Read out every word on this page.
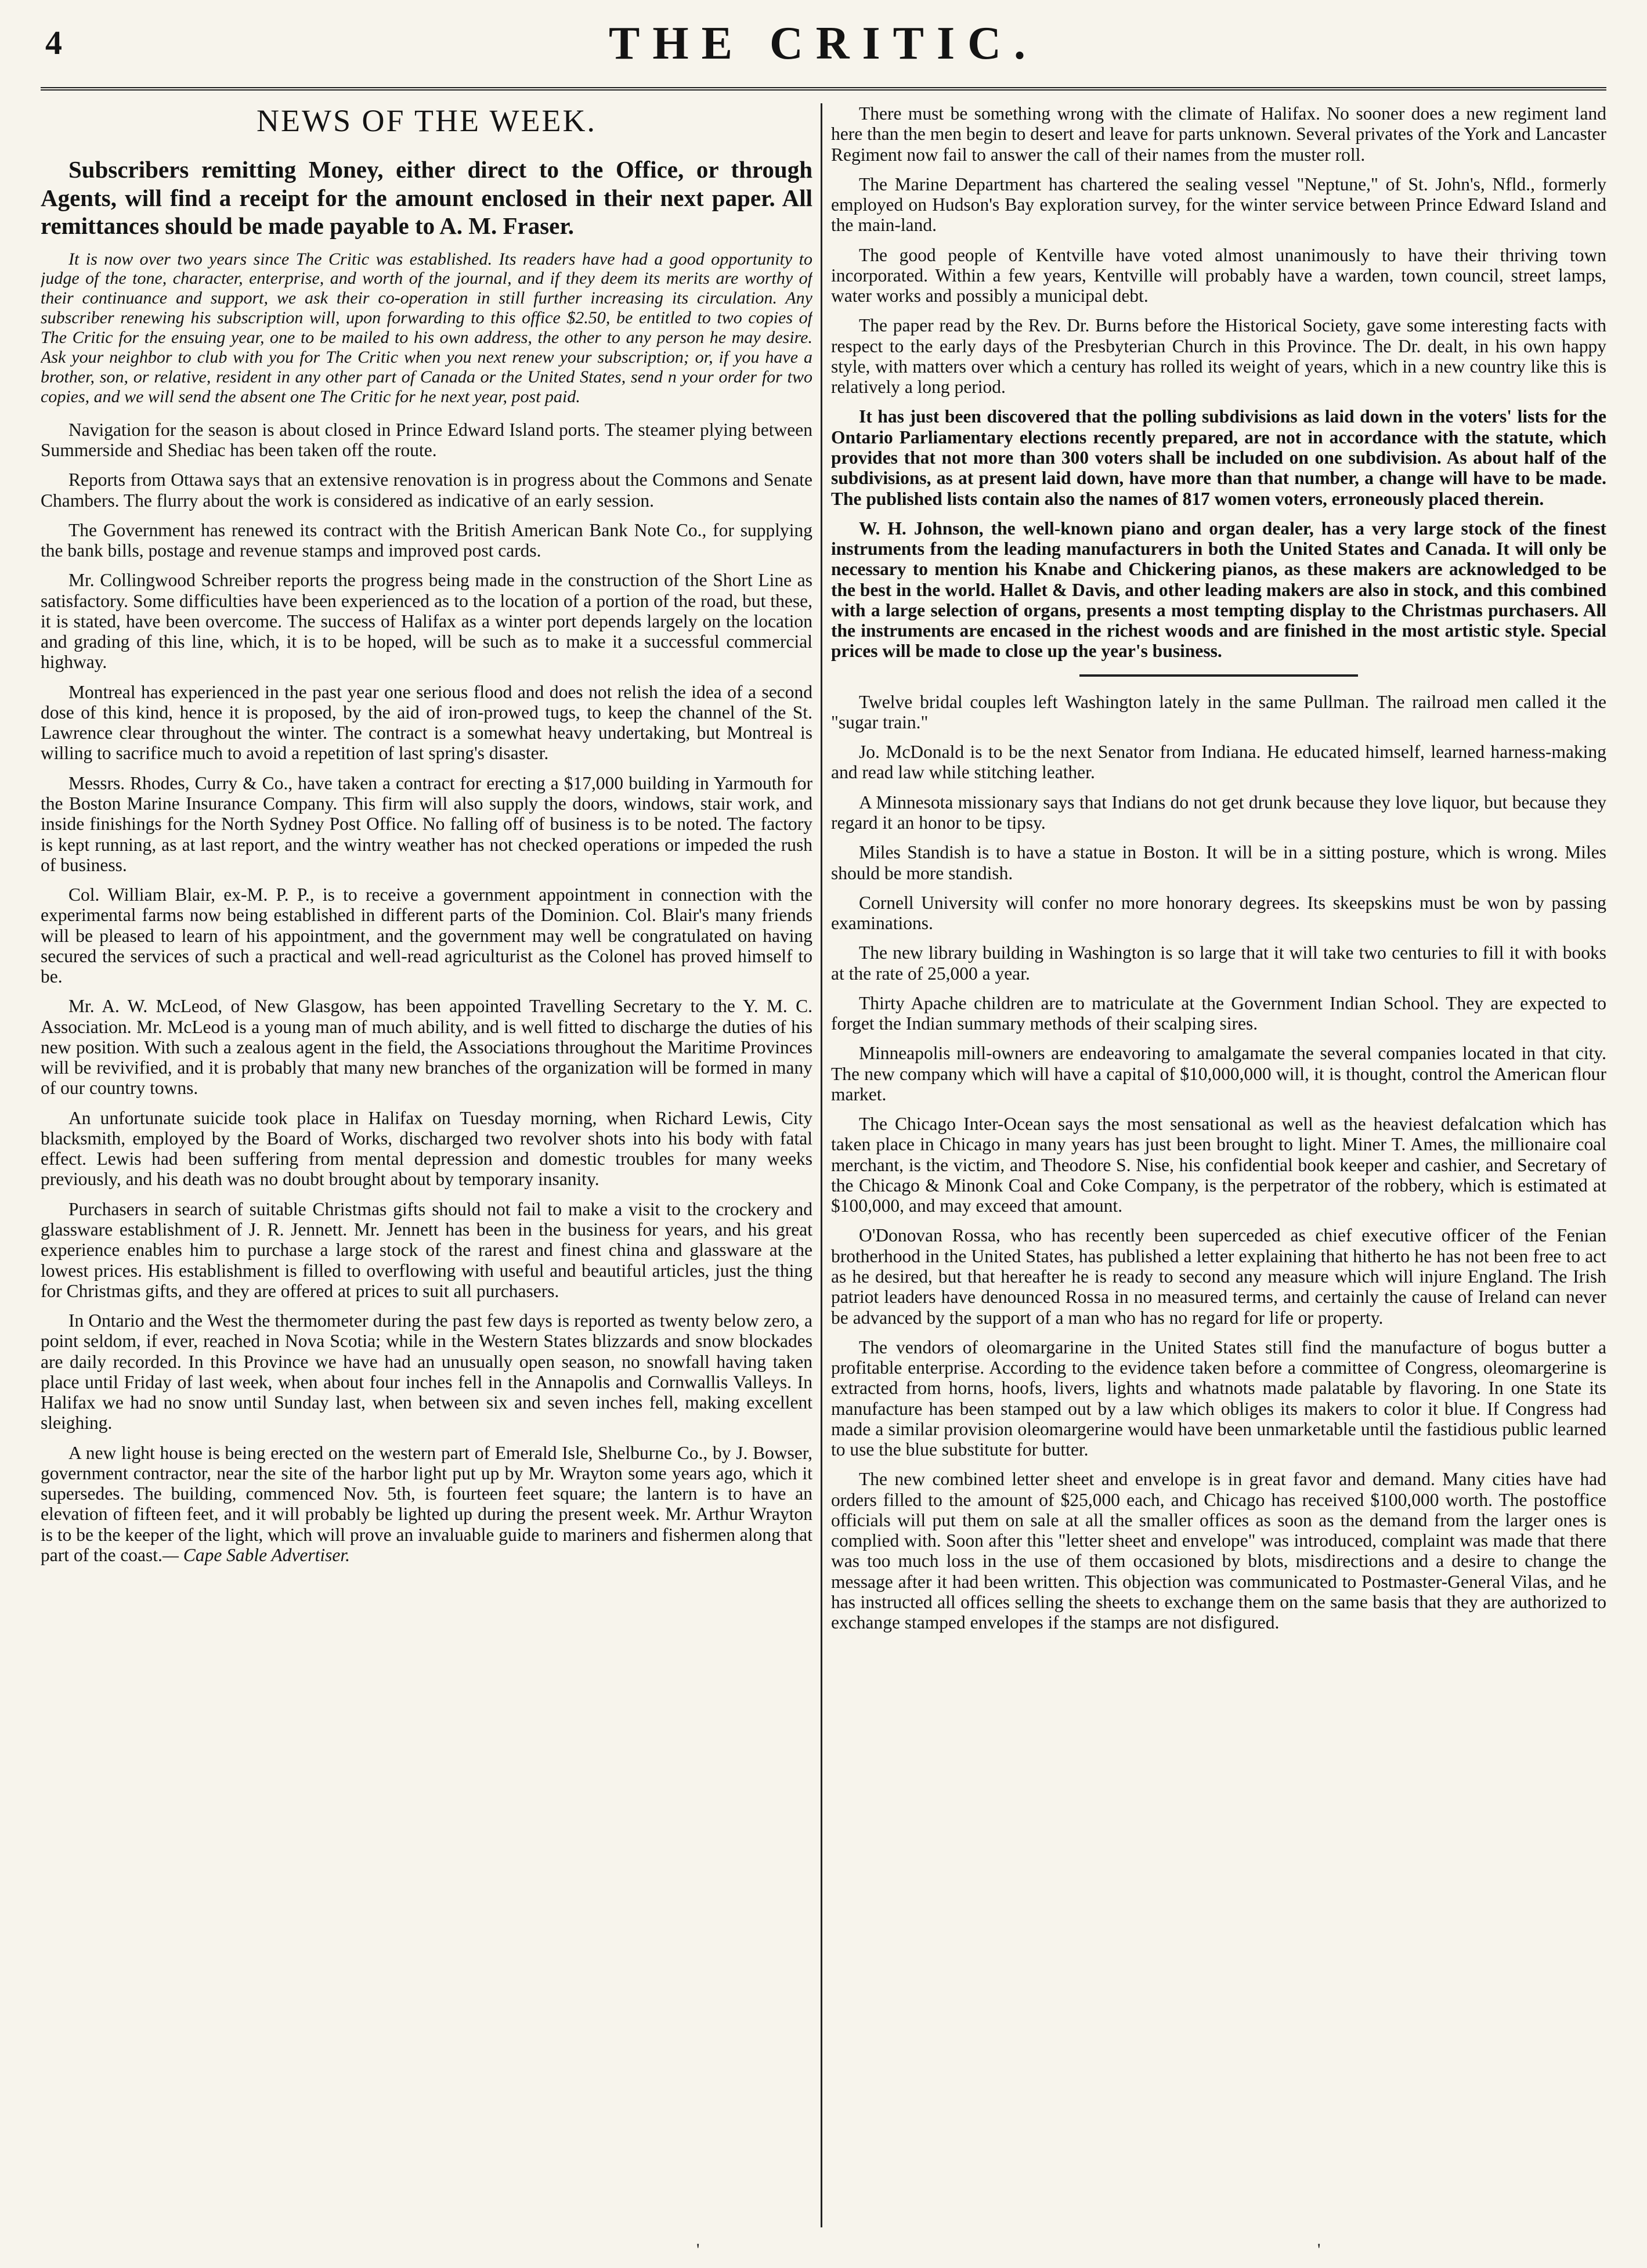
4	THE CRITIC.
NEWS OF THE WEEK.

Subscribers remitting Money, either direct to the Office, or through Agents, will find a receipt for the amount enclosed in their next paper. All remittances should be made payable to A. M. Fraser.

It is now over two years since The Critic was established. Its readers have had a good opportunity to judge of the tone, character, enterprise, and worth of the journal, and if they deem its merits are worthy of their continuance and support, we ask their co-operation in still further increasing its circulation. Any subscriber renewing his subscription will, upon forwarding to this office $2.50, be entitled to two copies of The Critic for the ensuing year, one to be mailed to his own address, the other to any person he may desire. Ask your neighbor to club with you for The Critic when you next renew your subscription; or, if you have a brother, son, or relative, resident in any other part of Canada or the United States, send n your order for two copies, and we will send the absent one The Critic for he next year, post paid.

Navigation for the season is about closed in Prince Edward Island ports. The steamer plying between Summerside and Shediac has been taken off the route.

Reports from Ottawa says that an extensive renovation is in progress about the Commons and Senate Chambers. The flurry about the work is considered as indicative of an early session.

The Government has renewed its contract with the British American Bank Note Co., for supplying the bank bills, postage and revenue stamps and improved post cards.

Mr. Collingwood Schreiber reports the progress being made in the construction of the Short Line as satisfactory. Some difficulties have been experienced as to the location of a portion of the road, but these, it is stated, have been overcome. The success of Halifax as a winter port depends largely on the location and grading of this line, which, it is to be hoped, will be such as to make it a successful commercial highway.

Montreal has experienced in the past year one serious flood and does not relish the idea of a second dose of this kind, hence it is proposed, by the aid of iron-prowed tugs, to keep the channel of the St. Lawrence clear throughout the winter. The contract is a somewhat heavy undertaking, but Montreal is willing to sacrifice much to avoid a repetition of last spring's disaster.

Messrs. Rhodes, Curry & Co., have taken a contract for erecting a $17,000 building in Yarmouth for the Boston Marine Insurance Company. This firm will also supply the doors, windows, stair work, and inside finishings for the North Sydney Post Office. No falling off of business is to be noted. The factory is kept running, as at last report, and the wintry weather has not checked operations or impeded the rush of business.

Col. William Blair, ex-M. P. P., is to receive a government appointment in connection with the experimental farms now being established in different parts of the Dominion. Col. Blair's many friends will be pleased to learn of his appointment, and the government may well be congratulated on having secured the services of such a practical and well-read agriculturist as the Colonel has proved himself to be.

Mr. A. W. McLeod, of New Glasgow, has been appointed Travelling Secretary to the Y. M. C. Association. Mr. McLeod is a young man of much ability, and is well fitted to discharge the duties of his new position. With such a zealous agent in the field, the Associations throughout the Maritime Provinces will be revivified, and it is probably that many new branches of the organization will be formed in many of our country towns.

An unfortunate suicide took place in Halifax on Tuesday morning, when Richard Lewis, City blacksmith, employed by the Board of Works, discharged two revolver shots into his body with fatal effect. Lewis had been suffering from mental depression and domestic troubles for many weeks previously, and his death was no doubt brought about by temporary insanity.

Purchasers in search of suitable Christmas gifts should not fail to make a visit to the crockery and glassware establishment of J. R. Jennett. Mr. Jennett has been in the business for years, and his great experience enables him to purchase a large stock of the rarest and finest china and glassware at the lowest prices. His establishment is filled to overflowing with useful and beautiful articles, just the thing for Christmas gifts, and they are offered at prices to suit all purchasers.

In Ontario and the West the thermometer during the past few days is reported as twenty below zero, a point seldom, if ever, reached in Nova Scotia; while in the Western States blizzards and snow blockades are daily recorded. In this Province we have had an unusually open season, no snowfall having taken place until Friday of last week, when about four inches fell in the Annapolis and Cornwallis Valleys. In Halifax we had no snow until Sunday last, when between six and seven inches fell, making excellent sleighing.

A new light house is being erected on the western part of Emerald Isle, Shelburne Co., by J. Bowser, government contractor, near the site of the harbor light put up by Mr. Wrayton some years ago, which it supersedes. The building, commenced Nov. 5th, is fourteen feet square; the lantern is to have an elevation of fifteen feet, and it will probably be lighted up during the present week. Mr. Arthur Wrayton is to be the keeper of the light, which will prove an invaluable guide to mariners and fishermen along that part of the coast.— Cape Sable Advertiser.

There must be something wrong with the climate of Halifax. No sooner does a new regiment land here than the men begin to desert and leave for parts unknown. Several privates of the York and Lancaster Regiment now fail to answer the call of their names from the muster roll.

The Marine Department has chartered the sealing vessel "Neptune," of St. John's, Nfld., formerly employed on Hudson's Bay exploration survey, for the winter service between Prince Edward Island and the main-land.

The good people of Kentville have voted almost unanimously to have their thriving town incorporated. Within a few years, Kentville will probably have a warden, town council, street lamps, water works and possibly a municipal debt.

The paper read by the Rev. Dr. Burns before the Historical Society, gave some interesting facts with respect to the early days of the Presbyterian Church in this Province. The Dr. dealt, in his own happy style, with matters over which a century has rolled its weight of years, which in a new country like this is relatively a long period.

It has just been discovered that the polling subdivisions as laid down in the voters' lists for the Ontario Parliamentary elections recently prepared, are not in accordance with the statute, which provides that not more than 300 voters shall be included on one subdivision. As about half of the subdivisions, as at present laid down, have more than that number, a change will have to be made. The published lists contain also the names of 817 women voters, erroneously placed therein.

W. H. Johnson, the well-known piano and organ dealer, has a very large stock of the finest instruments from the leading manufacturers in both the United States and Canada. It will only be necessary to mention his Knabe and Chickering pianos, as these makers are acknowledged to be the best in the world. Hallet & Davis, and other leading makers are also in stock, and this combined with a large selection of organs, presents a most tempting display to the Christmas purchasers. All the instruments are encased in the richest woods and are finished in the most artistic style. Special prices will be made to close up the year's business.

Twelve bridal couples left Washington lately in the same Pullman. The railroad men called it the "sugar train."

Jo. McDonald is to be the next Senator from Indiana. He educated himself, learned harness-making and read law while stitching leather.

A Minnesota missionary says that Indians do not get drunk because they love liquor, but because they regard it an honor to be tipsy.

Miles Standish is to have a statue in Boston. It will be in a sitting posture, which is wrong. Miles should be more standish.

Cornell University will confer no more honorary degrees. Its skeepskins must be won by passing examinations.

The new library building in Washington is so large that it will take two centuries to fill it with books at the rate of 25,000 a year.

Thirty Apache children are to matriculate at the Government Indian School. They are expected to forget the Indian summary methods of their scalping sires.

Minneapolis mill-owners are endeavoring to amalgamate the several companies located in that city. The new company which will have a capital of $10,000,000 will, it is thought, control the American flour market.

The Chicago Inter-Ocean says the most sensational as well as the heaviest defalcation which has taken place in Chicago in many years has just been brought to light. Miner T. Ames, the millionaire coal merchant, is the victim, and Theodore S. Nise, his confidential book keeper and cashier, and Secretary of the Chicago & Minonk Coal and Coke Company, is the perpetrator of the robbery, which is estimated at $100,000, and may exceed that amount.

O'Donovan Rossa, who has recently been superceded as chief executive officer of the Fenian brotherhood in the United States, has published a letter explaining that hitherto he has not been free to act as he desired, but that hereafter he is ready to second any measure which will injure England. The Irish patriot leaders have denounced Rossa in no measured terms, and certainly the cause of Ireland can never be advanced by the support of a man who has no regard for life or property.

The vendors of oleomargarine in the United States still find the manufacture of bogus butter a profitable enterprise. According to the evidence taken before a committee of Congress, oleomargerine is extracted from horns, hoofs, livers, lights and whatnots made palatable by flavoring. In one State its manufacture has been stamped out by a law which obliges its makers to color it blue. If Congress had made a similar provision oleomargerine would have been unmarketable until the fastidious public learned to use the blue substitute for butter.

The new combined letter sheet and envelope is in great favor and demand. Many cities have had orders filled to the amount of $25,000 each, and Chicago has received $100,000 worth. The postoffice officials will put them on sale at all the smaller offices as soon as the demand from the larger ones is complied with. Soon after this "letter sheet and envelope" was introduced, complaint was made that there was too much loss in the use of them occasioned by blots, misdirections and a desire to change the message after it had been written. This objection was communicated to Postmaster-General Vilas, and he has instructed all offices selling the sheets to exchange them on the same basis that they are authorized to exchange stamped envelopes if the stamps are not disfigured.

'	'
